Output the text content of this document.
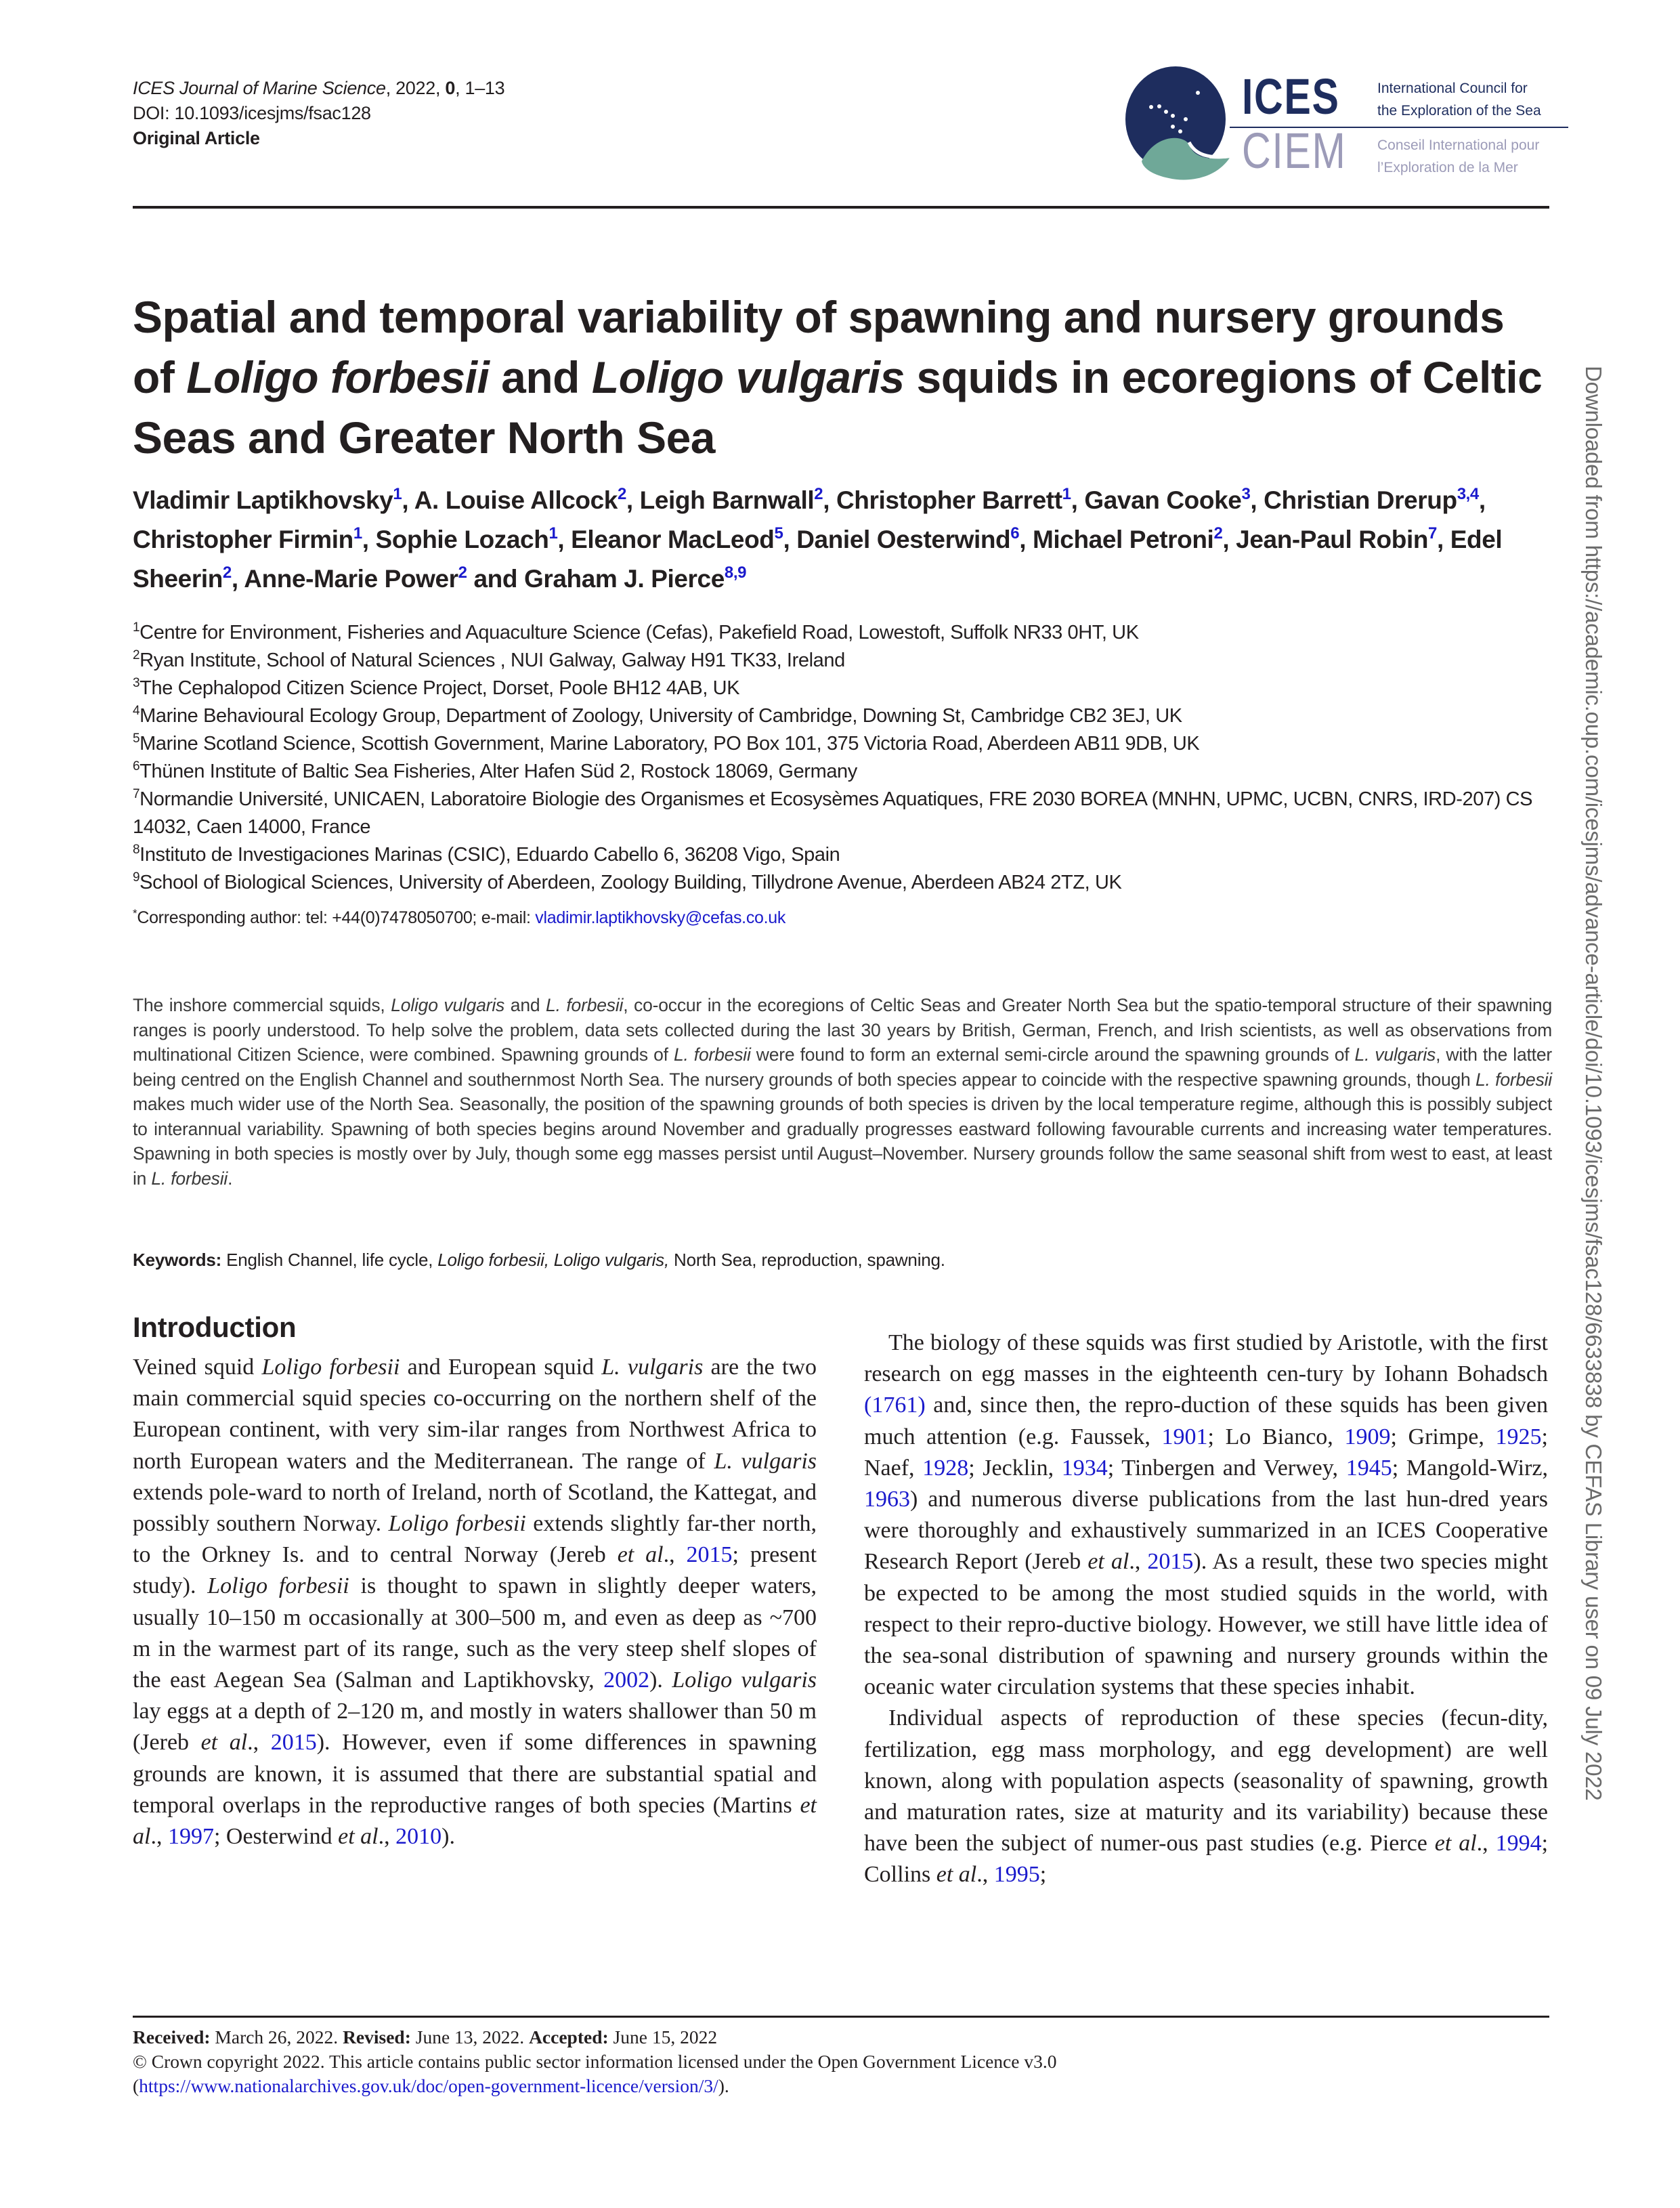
ICES Journal of Marine Science, 2022, 0, 1–13
DOI: 10.1093/icesjms/fsac128
Original Article
ICES
CIEM
International Council for
the Exploration of the Sea
Conseil International pour
l’Exploration de la Mer
Spatial and temporal variability of spawning and nursery grounds of Loligo forbesii and Loligo vulgaris squids in ecoregions of Celtic Seas and Greater North Sea
Vladimir Laptikhovsky$^1$, A. Louise Allcock$^2$, Leigh Barnwall$^2$, Christopher Barrett$^1$, Gavan Cooke$^3$, Christian Drerup$^{3,4}$, Christopher Firmin$^1$, Sophie Lozach$^1$, Eleanor MacLeod$^5$, Daniel Oesterwind$^6$, Michael Petroni$^2$, Jean-Paul Robin$^7$, Edel Sheerin$^2$, Anne-Marie Power$^2$ and Graham J. Pierce$^{8,9}$
$^1$Centre for Environment, Fisheries and Aquaculture Science (Cefas), Pakefield Road, Lowestoft, Suffolk NR33 0HT, UK
$^2$Ryan Institute, School of Natural Sciences , NUI Galway, Galway H91 TK33, Ireland
$^3$The Cephalopod Citizen Science Project, Dorset, Poole BH12 4AB, UK
$^4$Marine Behavioural Ecology Group, Department of Zoology, University of Cambridge, Downing St, Cambridge CB2 3EJ, UK
$^5$Marine Scotland Science, Scottish Government, Marine Laboratory, PO Box 101, 375 Victoria Road, Aberdeen AB11 9DB, UK
$^6$Thünen Institute of Baltic Sea Fisheries, Alter Hafen Süd 2, Rostock 18069, Germany
$^7$Normandie Université, UNICAEN, Laboratoire Biologie des Organismes et Ecosysèmes Aquatiques, FRE 2030 BOREA (MNHN, UPMC, UCBN, CNRS, IRD-207) CS 14032, Caen 14000, France
$^8$Instituto de Investigaciones Marinas (CSIC), Eduardo Cabello 6, 36208 Vigo, Spain
$^9$School of Biological Sciences, University of Aberdeen, Zoology Building, Tillydrone Avenue, Aberdeen AB24 2TZ, UK
*Corresponding author: tel: +44(0)7478050700; e-mail: vladimir.laptikhovsky@cefas.co.uk
The inshore commercial squids, Loligo vulgaris and L. forbesii, co-occur in the ecoregions of Celtic Seas and Greater North Sea but the spatio-temporal structure of their spawning ranges is poorly understood. To help solve the problem, data sets collected during the last 30 years by British, German, French, and Irish scientists, as well as observations from multinational Citizen Science, were combined. Spawning grounds of L. forbesii were found to form an external semi-circle around the spawning grounds of L. vulgaris, with the latter being centred on the English Channel and southernmost North Sea. The nursery grounds of both species appear to coincide with the respective spawning grounds, though L. forbesii makes much wider use of the North Sea. Seasonally, the position of the spawning grounds of both species is driven by the local temperature regime, although this is possibly subject to interannual variability. Spawning of both species begins around November and gradually progresses eastward following favourable currents and increasing water temperatures. Spawning in both species is mostly over by July, though some egg masses persist until August–November. Nursery grounds follow the same seasonal shift from west to east, at least in L. forbesii.
Keywords: English Channel, life cycle, Loligo forbesii, Loligo vulgaris, North Sea, reproduction, spawning.
Introduction

Veined squid Loligo forbesii and European squid L. vulgaris are the two main commercial squid species co-occurring on the northern shelf of the European continent, with very sim-ilar ranges from Northwest Africa to north European waters and the Mediterranean. The range of L. vulgaris extends pole-ward to north of Ireland, north of Scotland, the Kattegat, and possibly southern Norway. Loligo forbesii extends slightly far-ther north, to the Orkney Is. and to central Norway (Jereb et al., 2015; present study). Loligo forbesii is thought to spawn in slightly deeper waters, usually 10–150 m occasionally at 300–500 m, and even as deep as ~700 m in the warmest part of its range, such as the very steep shelf slopes of the east Aegean Sea (Salman and Laptikhovsky, 2002). Loligo vulgaris lay eggs at a depth of 2–120 m, and mostly in waters shallower than 50 m (Jereb et al., 2015). However, even if some differences in spawning grounds are known, it is assumed that there are substantial spatial and temporal overlaps in the reproductive ranges of both species (Martins et al., 1997; Oesterwind et al., 2010).

The biology of these squids was first studied by Aristotle, with the first research on egg masses in the eighteenth cen-tury by Iohann Bohadsch (1761) and, since then, the repro-duction of these squids has been given much attention (e.g. Faussek, 1901; Lo Bianco, 1909; Grimpe, 1925; Naef, 1928; Jecklin, 1934; Tinbergen and Verwey, 1945; Mangold-Wirz, 1963) and numerous diverse publications from the last hun-dred years were thoroughly and exhaustively summarized in an ICES Cooperative Research Report (Jereb et al., 2015). As a result, these two species might be expected to be among the most studied squids in the world, with respect to their repro-ductive biology. However, we still have little idea of the sea-sonal distribution of spawning and nursery grounds within the oceanic water circulation systems that these species inhabit.

Individual aspects of reproduction of these species (fecun-dity, fertilization, egg mass morphology, and egg development) are well known, along with population aspects (seasonality of spawning, growth and maturation rates, size at maturity and its variability) because these have been the subject of numer-ous past studies (e.g. Pierce et al., 1994; Collins et al., 1995;

Received: March 26, 2022. Revised: June 13, 2022. Accepted: June 15, 2022
© Crown copyright 2022. This article contains public sector information licensed under the Open Government Licence v3.0
(https://www.nationalarchives.gov.uk/doc/open-government-licence/version/3/).
Downloaded from https://academic.oup.com/icesjms/advance-article/doi/10.1093/icesjms/fsac128/6633838 by CEFAS Library user on 09 July 2022
